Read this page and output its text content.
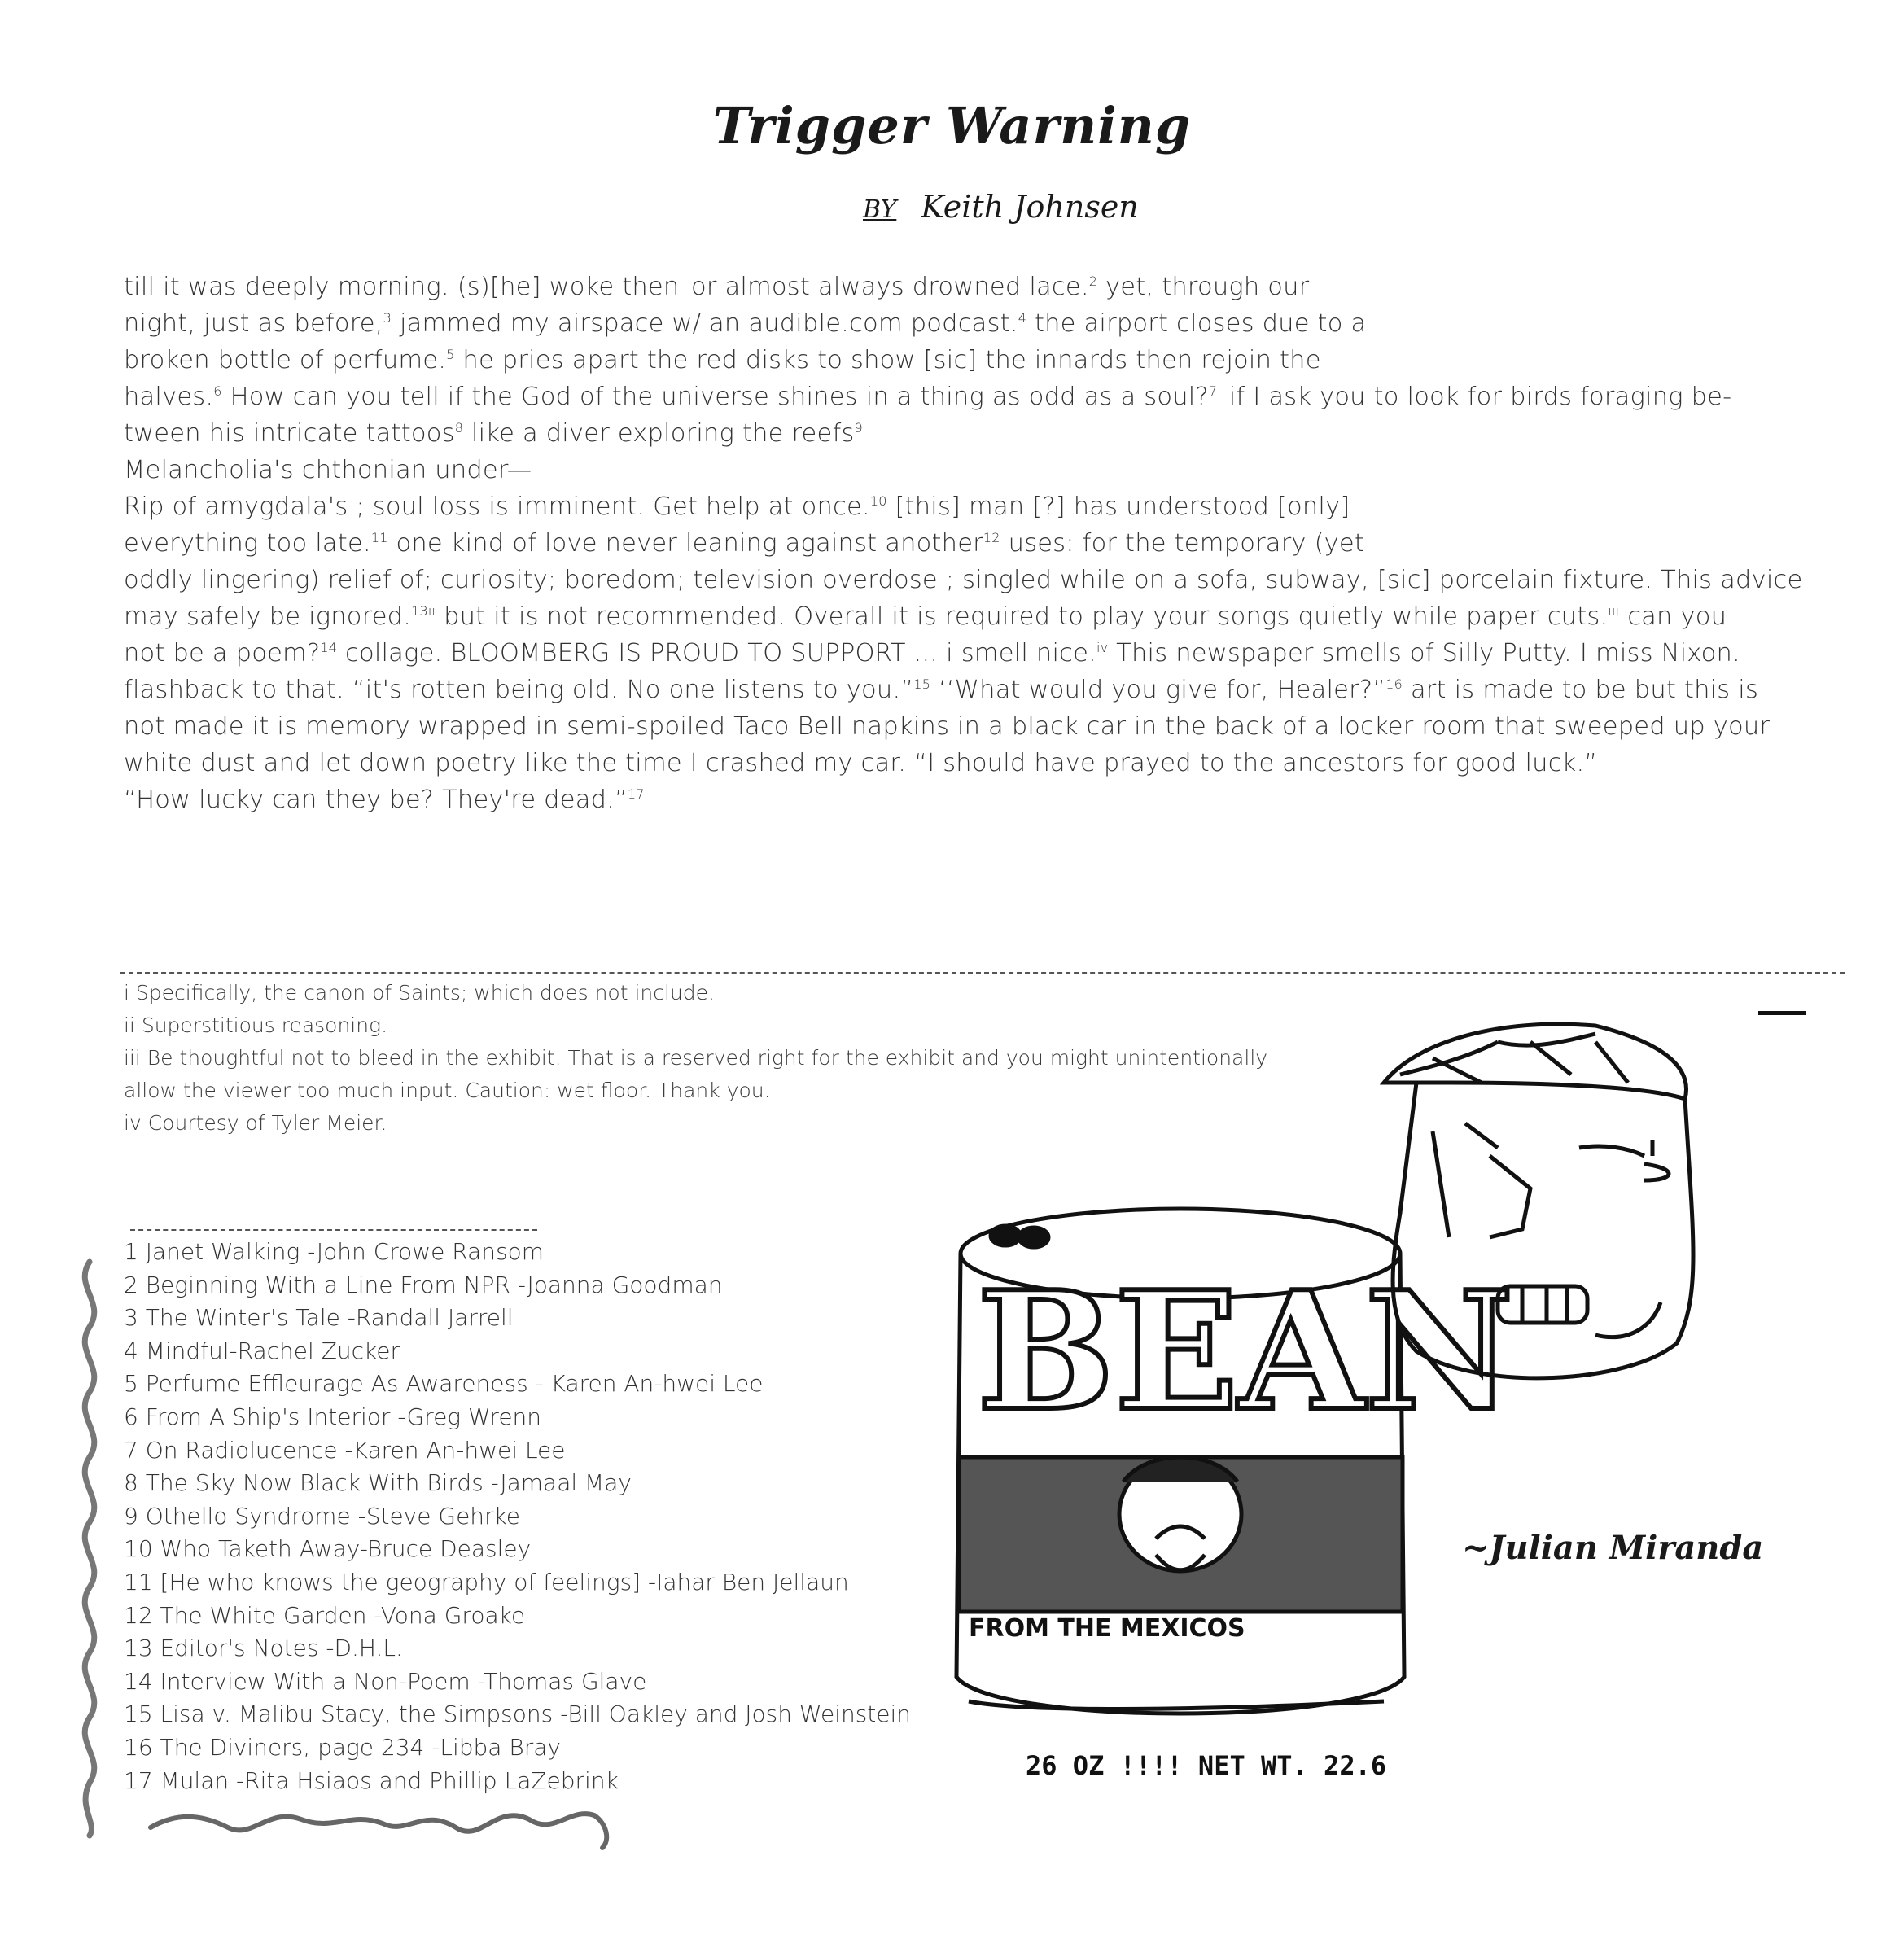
Trigger Warning
BY Keith Johnsen
till it was deeply morning. (s)[he] woke then$^i$ or almost always drowned lace.$^2$ yet, through our
night, just as before,$^3$ jammed my airspace w/ an audible.com podcast.$^4$ the airport closes due to a
broken bottle of perfume.$^5$ he pries apart the red disks to show [sic] the innards then rejoin the
halves.$^6$ How can you tell if the God of the universe shines in a thing as odd as a soul?$^{7i}$ if I ask you to look for birds foraging be-
tween his intricate tattoos$^8$ like a diver exploring the reefs$^9$
Melancholia's chthonian under—
Rip of amygdala's ; soul loss is imminent. Get help at once.$^{10}$ [this] man [?] has understood [only]
everything too late.$^{11}$ one kind of love never leaning against another$^{12}$ uses: for the temporary (yet
oddly lingering) relief of; curiosity; boredom; television overdose ; singled while on a sofa, subway, [sic] porcelain fixture. This advice
may safely be ignored.$^{13ii}$ but it is not recommended. Overall it is required to play your songs quietly while paper cuts.$^{iii}$ can you
not be a poem?$^{14}$ collage. BLOOMBERG IS PROUD TO SUPPORT ... i smell nice.$^{iv}$ This newspaper smells of Silly Putty. I miss Nixon.
flashback to that. “it's rotten being old. No one listens to you.”$^{15}$ ‘‘What would you give for, Healer?”$^{16}$ art is made to be but this is
not made it is memory wrapped in semi-spoiled Taco Bell napkins in a black car in the back of a locker room that sweeped up your
white dust and let down poetry like the time I crashed my car. “I should have prayed to the ancestors for good luck.”
“How lucky can they be? They're dead.”$^{17}$
i Specifically, the canon of Saints; which does not include.
ii Superstitious reasoning.
iii Be thoughtful not to bleed in the exhibit. That is a reserved right for the exhibit and you might unintentionally
allow the viewer too much input. Caution: wet floor. Thank you.
iv Courtesy of Tyler Meier.
1 Janet Walking -John Crowe Ransom
2 Beginning With a Line From NPR -Joanna Goodman
3 The Winter's Tale -Randall Jarrell
4 Mindful-Rachel Zucker
5 Perfume Effleurage As Awareness - Karen An-hwei Lee
6 From A Ship's Interior -Greg Wrenn
7 On Radiolucence -Karen An-hwei Lee
8 The Sky Now Black With Birds -Jamaal May
9 Othello Syndrome -Steve Gehrke
10 Who Taketh Away-Bruce Deasley
11 [He who knows the geography of feelings] -Iahar Ben Jellaun
12 The White Garden -Vona Groake
13 Editor's Notes -D.H.L.
14 Interview With a Non-Poem -Thomas Glave
15 Lisa v. Malibu Stacy, the Simpsons -Bill Oakley and Josh Weinstein
16 The Diviners, page 234 -Libba Bray
17 Mulan -Rita Hsiaos and Phillip LaZebrink
BEAN
FROM THE MEXICOS
26 OZ !!!! NET WT. 22.6
~Julian Miranda
